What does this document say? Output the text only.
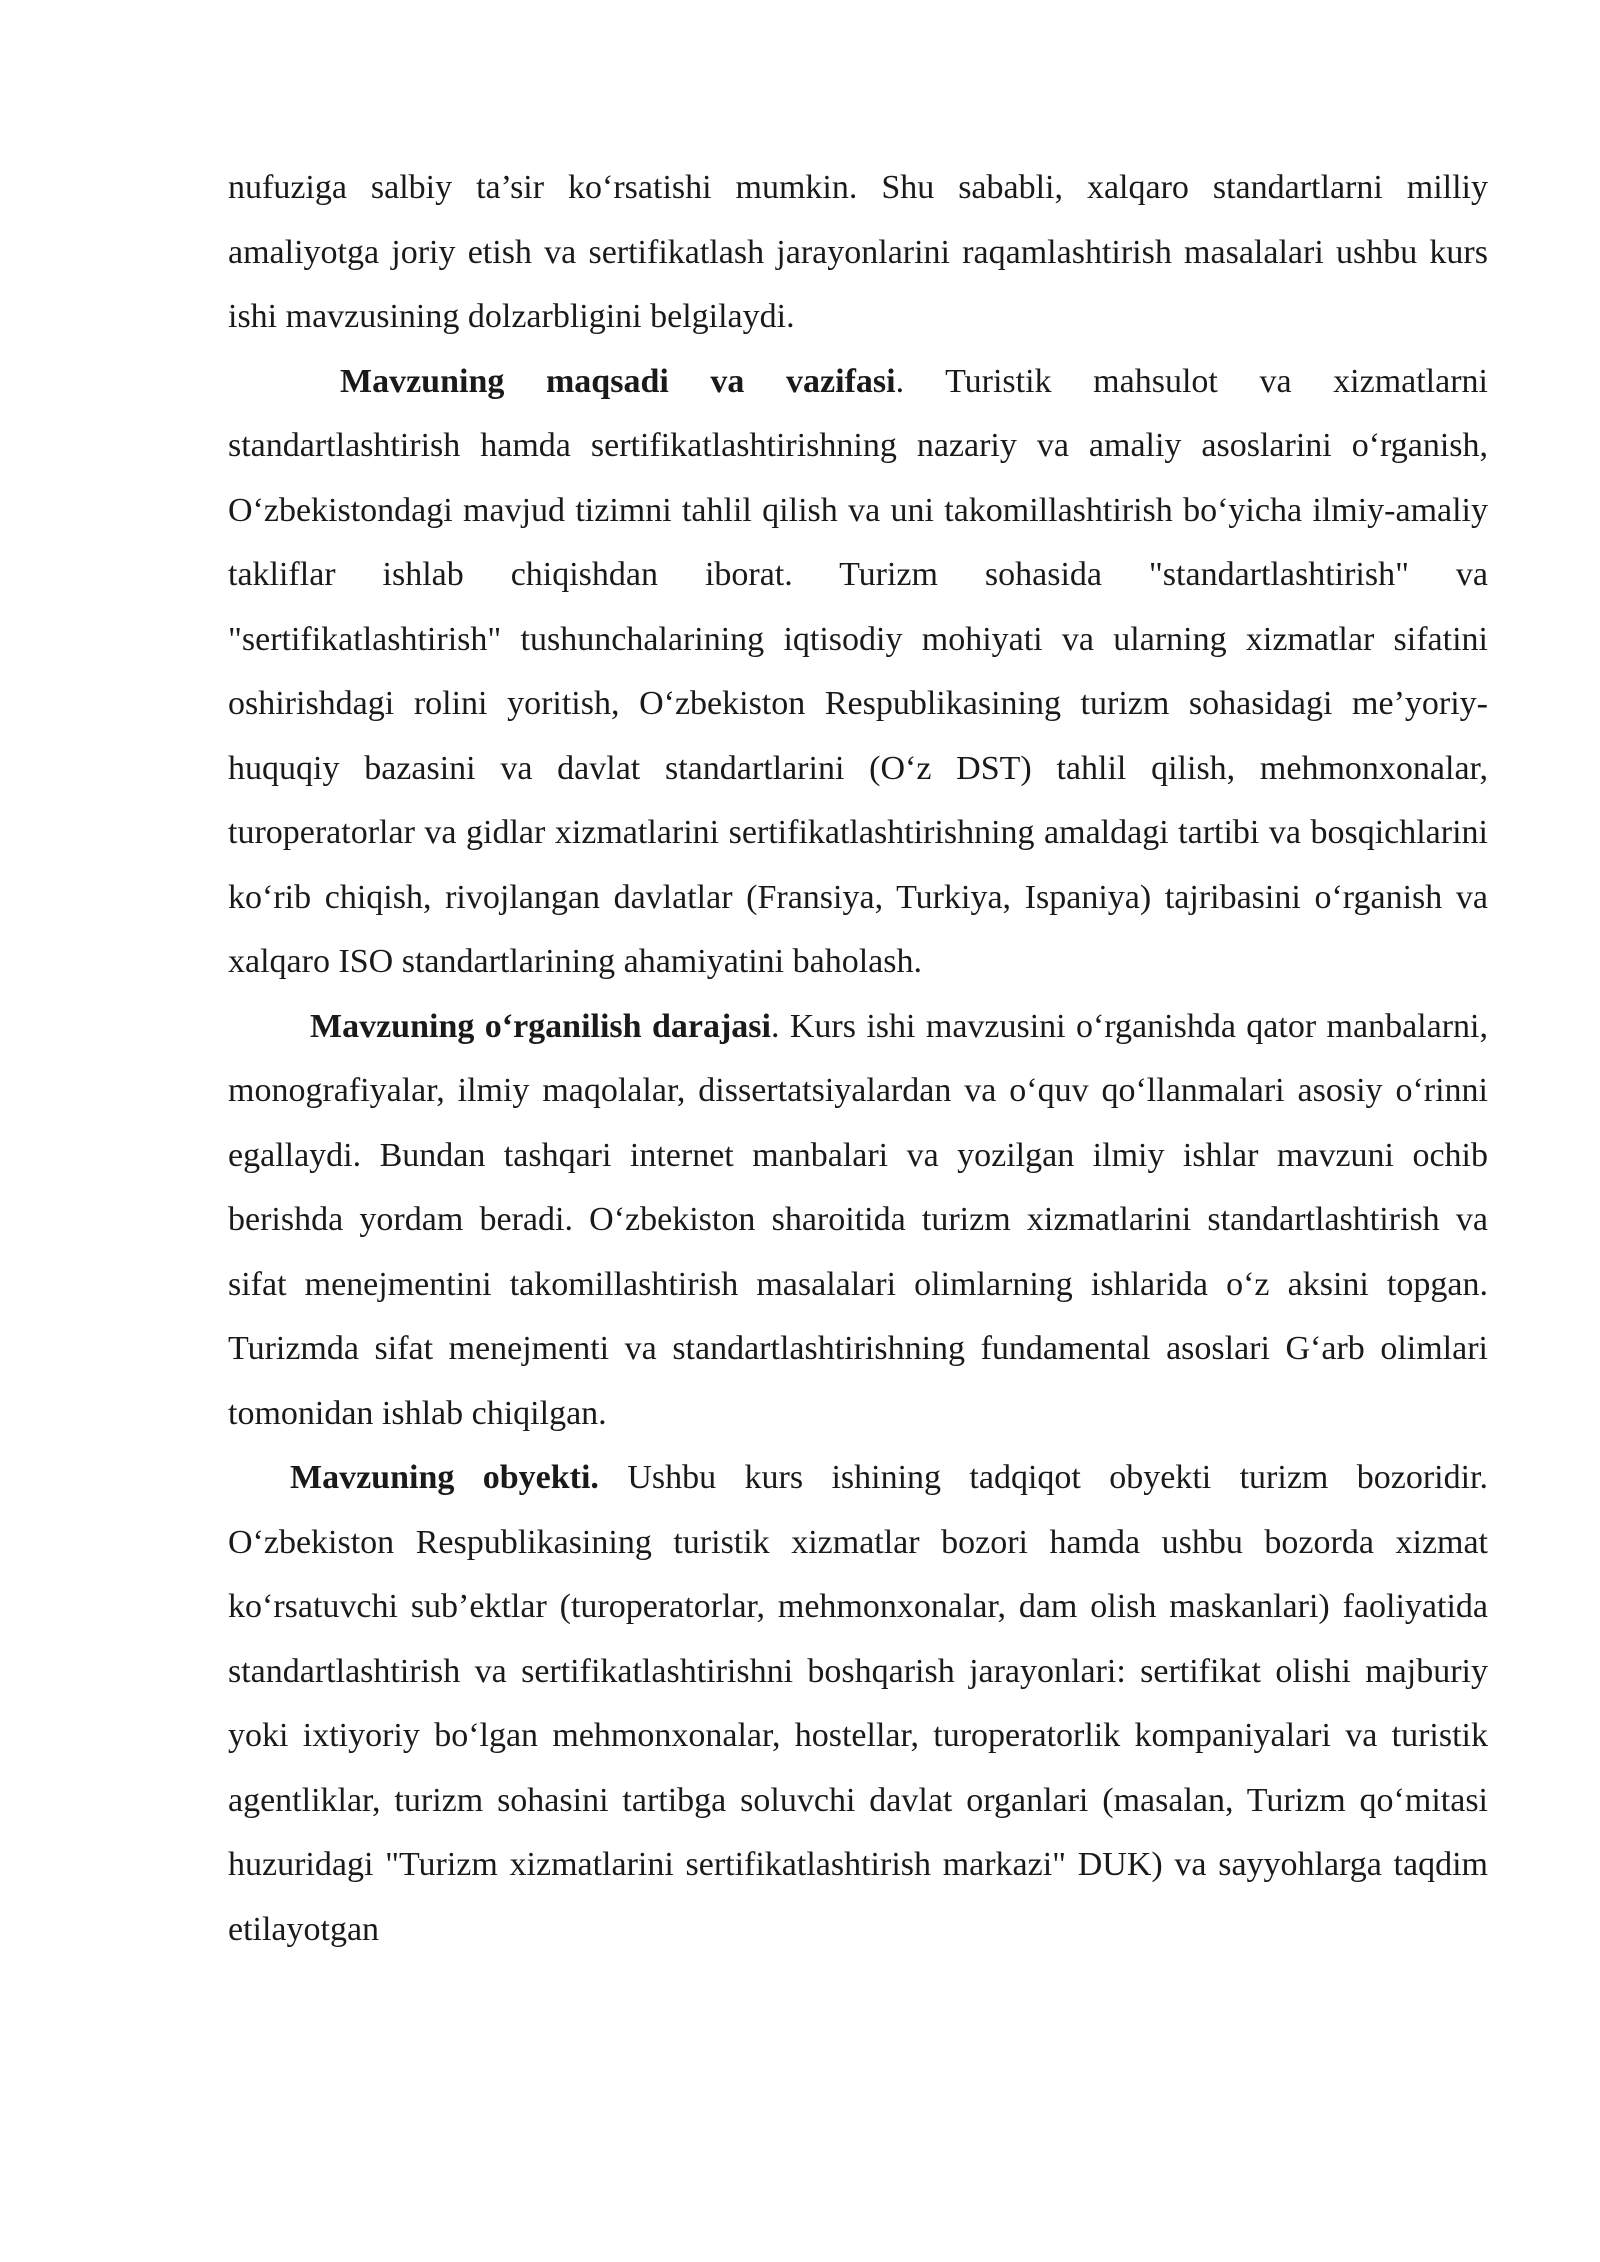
nufuziga salbiy ta’sir ko‘rsatishi mumkin. Shu sababli, xalqaro standartlarni milliy amaliyotga joriy etish va sertifikatlash jarayonlarini raqamlashtirish masalalari ushbu kurs ishi mavzusining dolzarbligini belgilaydi.

Mavzuning maqsadi va vazifasi. Turistik mahsulot va xizmatlarni standartlashtirish hamda sertifikatlashtirishning nazariy va amaliy asoslarini o‘rganish, O‘zbekistondagi mavjud tizimni tahlil qilish va uni takomillashtirish bo‘yicha ilmiy-amaliy takliflar ishlab chiqishdan iborat. Turizm sohasida "standartlashtirish" va "sertifikatlashtirish" tushunchalarining iqtisodiy mohiyati va ularning xizmatlar sifatini oshirishdagi rolini yoritish, O‘zbekiston Respublikasining turizm sohasidagi me’yoriy-huquqiy bazasini va davlat standartlarini (O‘z DST) tahlil qilish, mehmonxonalar, turoperatorlar va gidlar xizmatlarini sertifikatlashtirishning amaldagi tartibi va bosqichlarini ko‘rib chiqish, rivojlangan davlatlar (Fransiya, Turkiya, Ispaniya) tajribasini o‘rganish va xalqaro ISO standartlarining ahamiyatini baholash.

Mavzuning o‘rganilish darajasi. Kurs ishi mavzusini o‘rganishda qator manbalarni, monografiyalar, ilmiy maqolalar, dissertatsiyalardan va o‘quv qo‘llanmalari asosiy o‘rinni egallaydi. Bundan tashqari internet manbalari va yozilgan ilmiy ishlar mavzuni ochib berishda yordam beradi. O‘zbekiston sharoitida turizm xizmatlarini standartlashtirish va sifat menejmentini takomillashtirish masalalari olimlarning ishlarida o‘z aksini topgan. Turizmda sifat menejmenti va standartlashtirishning fundamental asoslari G‘arb olimlari tomonidan ishlab chiqilgan.

Mavzuning obyekti. Ushbu kurs ishining tadqiqot obyekti turizm bozoridir. O‘zbekiston Respublikasining turistik xizmatlar bozori hamda ushbu bozorda xizmat ko‘rsatuvchi sub’ektlar (turoperatorlar, mehmonxonalar, dam olish maskanlari) faoliyatida standartlashtirish va sertifikatlashtirishni boshqarish jarayonlari: sertifikat olishi majburiy yoki ixtiyoriy bo‘lgan mehmonxonalar, hostellar, turoperatorlik kompaniyalari va turistik agentliklar, turizm sohasini tartibga soluvchi davlat organlari (masalan, Turizm qo‘mitasi huzuridagi "Turizm xizmatlarini sertifikatlashtirish markazi" DUK) va sayyohlarga taqdim etilayotgan
